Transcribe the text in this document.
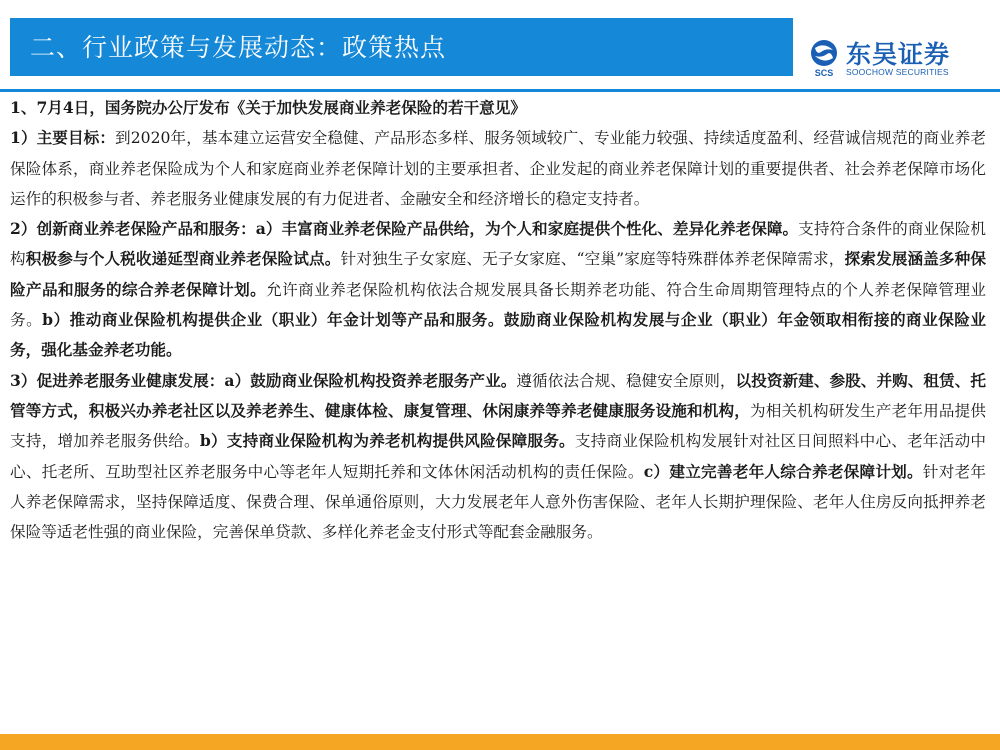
二、行业政策与发展动态：政策热点
SCS
东吴证券
SOOCHOW SECURITIES

1、7月4日，国务院办公厅发布《关于加快发展商业养老保险的若干意见》

1）主要目标：到2020年，基本建立运营安全稳健、产品形态多样、服务领域较广、专业能力较强、持续适度盈利、经营诚信规范的商业养老保险体系，商业养老保险成为个人和家庭商业养老保障计划的主要承担者、企业发起的商业养老保障计划的重要提供者、社会养老保障市场化运作的积极参与者、养老服务业健康发展的有力促进者、金融安全和经济增长的稳定支持者。

2）创新商业养老保险产品和服务：a）丰富商业养老保险产品供给，为个人和家庭提供个性化、差异化养老保障。支持符合条件的商业保险机构积极参与个人税收递延型商业养老保险试点。针对独生子女家庭、无子女家庭、“空巢”家庭等特殊群体养老保障需求，探索发展涵盖多种保险产品和服务的综合养老保障计划。允许商业养老保险机构依法合规发展具备长期养老功能、符合生命周期管理特点的个人养老保障管理业务。b）推动商业保险机构提供企业（职业）年金计划等产品和服务。鼓励商业保险机构发展与企业（职业）年金领取相衔接的商业保险业务，强化基金养老功能。

3）促进养老服务业健康发展：a）鼓励商业保险机构投资养老服务产业。遵循依法合规、稳健安全原则，以投资新建、参股、并购、租赁、托管等方式，积极兴办养老社区以及养老养生、健康体检、康复管理、休闲康养等养老健康服务设施和机构，为相关机构研发生产老年用品提供支持，增加养老服务供给。b）支持商业保险机构为养老机构提供风险保障服务。支持商业保险机构发展针对社区日间照料中心、老年活动中心、托老所、互助型社区养老服务中心等老年人短期托养和文体休闲活动机构的责任保险。c）建立完善老年人综合养老保障计划。针对老年人养老保障需求，坚持保障适度、保费合理、保单通俗原则，大力发展老年人意外伤害保险、老年人长期护理保险、老年人住房反向抵押养老保险等适老性强的商业保险，完善保单贷款、多样化养老金支付形式等配套金融服务。
